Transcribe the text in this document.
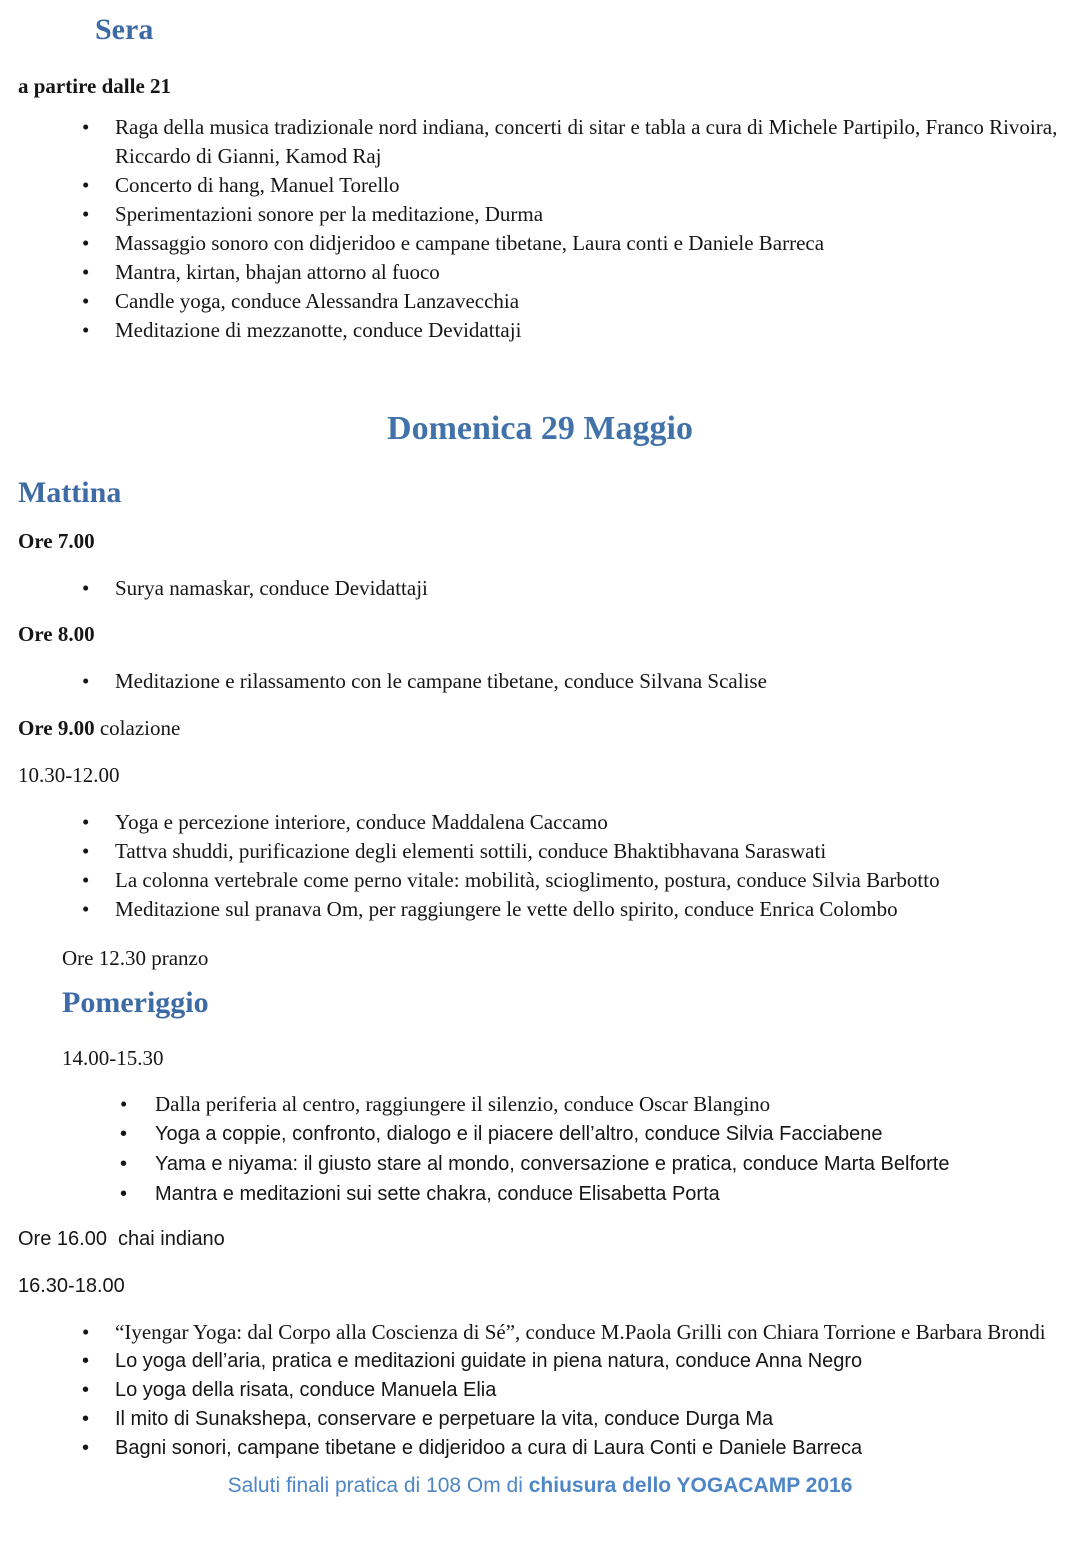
Sera

a partire dalle 21

• Raga della musica tradizionale nord indiana, concerti di sitar e tabla a cura di Michele Partipilo, Franco Rivoira, Riccardo di Gianni, Kamod Raj
• Concerto di hang, Manuel Torello
• Sperimentazioni sonore per la meditazione, Durma
• Massaggio sonoro con didjeridoo e campane tibetane, Laura conti e Daniele Barreca
• Mantra, kirtan, bhajan attorno al fuoco
• Candle yoga, conduce Alessandra Lanzavecchia
• Meditazione di mezzanotte, conduce Devidattaji
Domenica 29 Maggio
Mattina

Ore 7.00

• Surya namaskar, conduce Devidattaji

Ore 8.00

• Meditazione e rilassamento con le campane tibetane, conduce Silvana Scalise

Ore 9.00 colazione

10.30-12.00

• Yoga e percezione interiore, conduce Maddalena Caccamo
• Tattva shuddi, purificazione degli elementi sottili, conduce Bhaktibhavana Saraswati
• La colonna vertebrale come perno vitale: mobilità, scioglimento, postura, conduce Silvia Barbotto
• Meditazione sul pranava Om, per raggiungere le vette dello spirito, conduce Enrica Colombo

Ore 12.30 pranzo

Pomeriggio

14.00-15.30

• Dalla periferia al centro, raggiungere il silenzio, conduce Oscar Blangino
• Yoga a coppie, confronto, dialogo e il piacere dell’altro, conduce Silvia Facciabene
• Yama e niyama: il giusto stare al mondo, conversazione e pratica, conduce Marta Belforte
• Mantra e meditazioni sui sette chakra, conduce Elisabetta Porta

Ore 16.00  chai indiano

16.30-18.00

• “Iyengar Yoga: dal Corpo alla Coscienza di Sé”, conduce M.Paola Grilli con Chiara Torrione e Barbara Brondi
• Lo yoga dell’aria, pratica e meditazioni guidate in piena natura, conduce Anna Negro
• Lo yoga della risata, conduce Manuela Elia
• Il mito di Sunakshepa, conservare e perpetuare la vita, conduce Durga Ma
• Bagni sonori, campane tibetane e didjeridoo a cura di Laura Conti e Daniele Barreca

Saluti finali pratica di 108 Om di chiusura dello YOGACAMP 2016
